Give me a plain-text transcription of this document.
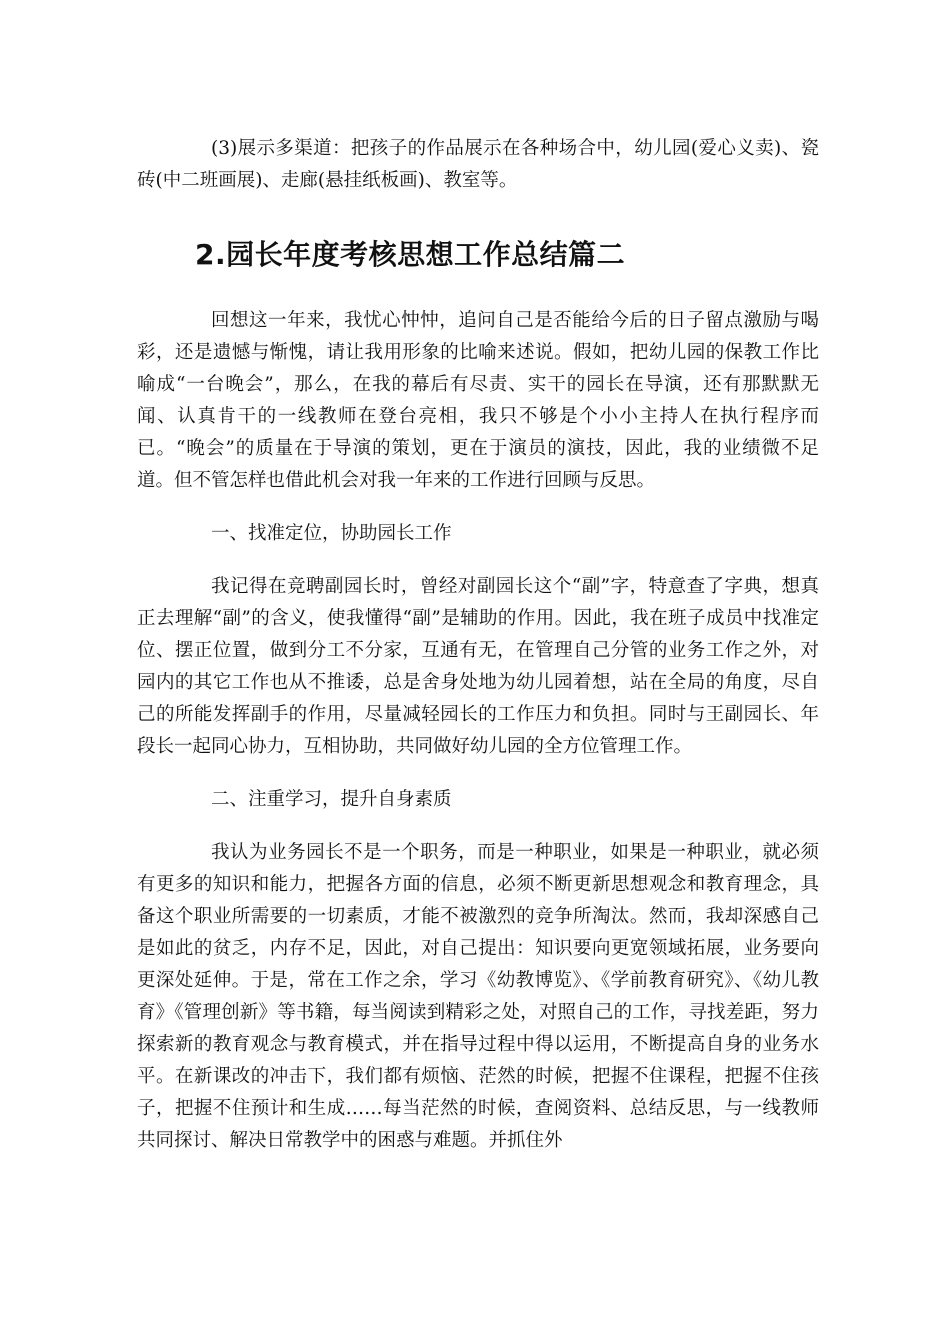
(3)展示多渠道：把孩子的作品展示在各种场合中，幼儿园(爱心义卖)、瓷砖(中二班画展)、走廊(悬挂纸板画)、教室等。

2.园长年度考核思想工作总结篇二

回想这一年来，我忧心忡忡，追问自己是否能给今后的日子留点激励与喝彩，还是遗憾与惭愧，请让我用形象的比喻来述说。假如，把幼儿园的保教工作比喻成“一台晚会”，那么，在我的幕后有尽责、实干的园长在导演，还有那默默无闻、认真肯干的一线教师在登台亮相，我只不够是个小小主持人在执行程序而已。“晚会”的质量在于导演的策划，更在于演员的演技，因此，我的业绩微不足道。但不管怎样也借此机会对我一年来的工作进行回顾与反思。

一、找准定位，协助园长工作

我记得在竞聘副园长时，曾经对副园长这个“副”字，特意查了字典，想真正去理解“副”的含义，使我懂得“副”是辅助的作用。因此，我在班子成员中找准定位、摆正位置，做到分工不分家，互通有无，在管理自己分管的业务工作之外，对园内的其它工作也从不推诿，总是舍身处地为幼儿园着想，站在全局的角度，尽自己的所能发挥副手的作用，尽量减轻园长的工作压力和负担。同时与王副园长、年段长一起同心协力，互相协助，共同做好幼儿园的全方位管理工作。

二、注重学习，提升自身素质

我认为业务园长不是一个职务，而是一种职业，如果是一种职业，就必须有更多的知识和能力，把握各方面的信息，必须不断更新思想观念和教育理念，具备这个职业所需要的一切素质，才能不被激烈的竞争所淘汰。然而，我却深感自己是如此的贫乏，内存不足，因此，对自己提出：知识要向更宽领域拓展，业务要向更深处延伸。于是，常在工作之余，学习《幼教博览》、《学前教育研究》、《幼儿教育》《管理创新》等书籍，每当阅读到精彩之处，对照自己的工作，寻找差距，努力探索新的教育观念与教育模式，并在指导过程中得以运用，不断提高自身的业务水平。在新课改的冲击下，我们都有烦恼、茫然的时候，把握不住课程，把握不住孩子，把握不住预计和生成……每当茫然的时候，查阅资料、总结反思，与一线教师共同探讨、解决日常教学中的困惑与难题。并抓住外
